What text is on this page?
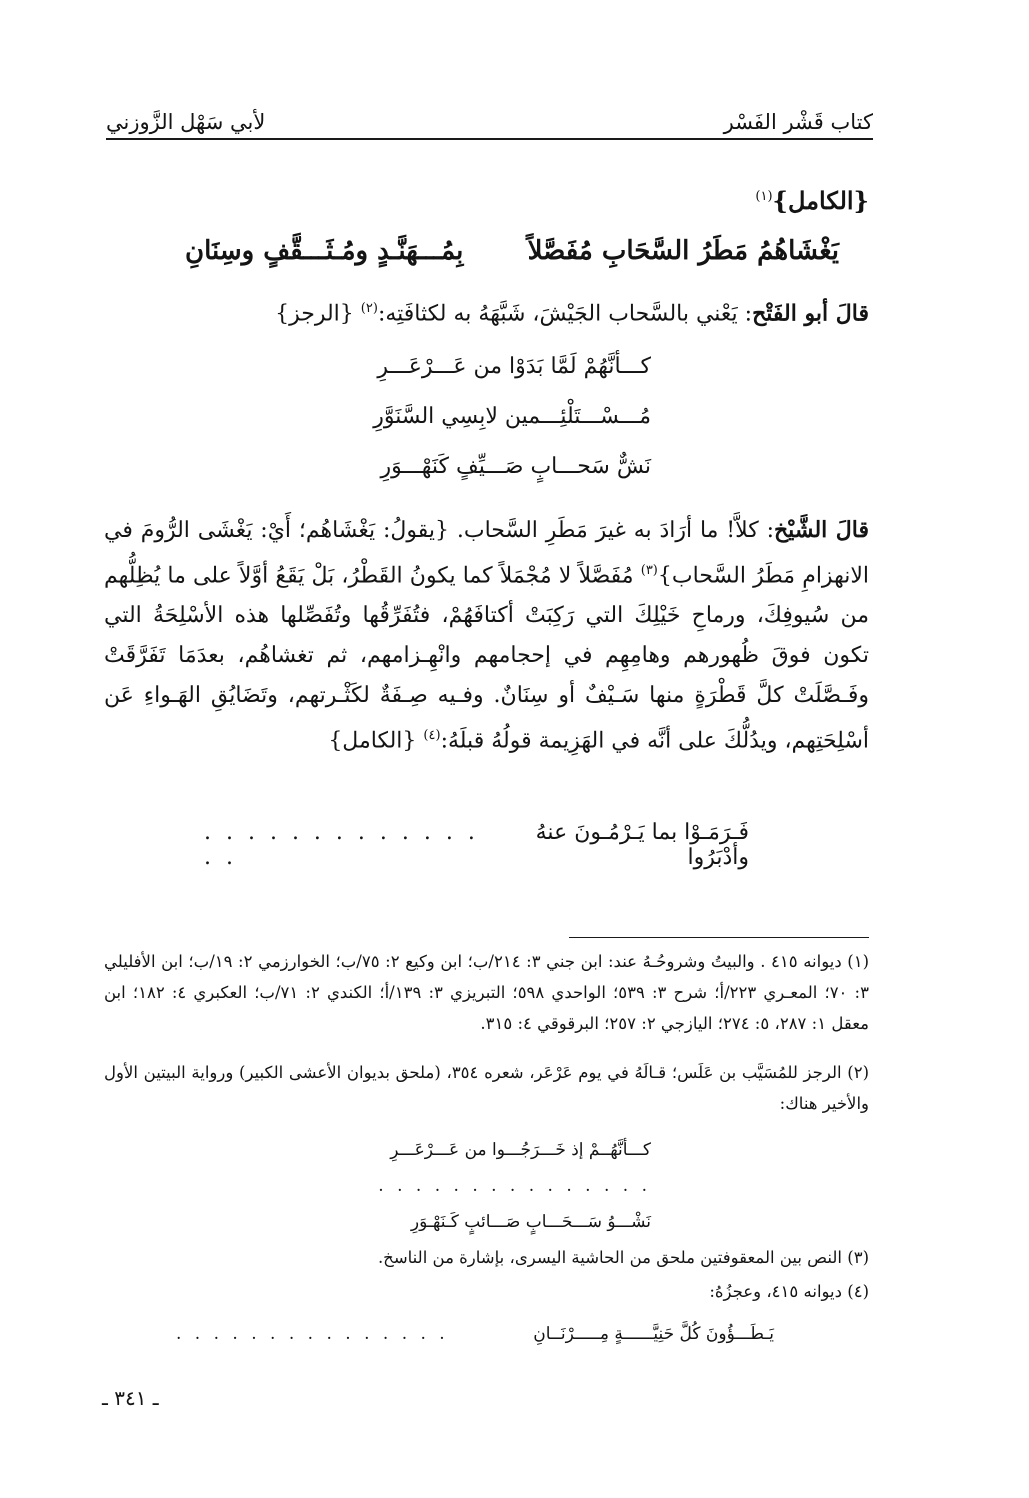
كتاب قَشْر الفَسْر
لأبي سَهْل الزَّوزني
{الكامل}$^{(١)}$
يَغْشَاهُمُ مَطَرُ السَّحَابِ مُفَصَّلاً
بِمُـــهَنَّـدٍ ومُـثَـــقَّفٍ وسِنَانِ
قالَ أبو الفَتْح: يَعْني بالسَّحاب الجَيْشَ، شَبَّهَهُ به لكثافَتِه:$^{(٢)}$ {الرجز}
كـــأنَّهُمْ لَمَّا بَدَوْا من عَـــرْعَـــرِ
مُـــسْـــتَلْئِـــمين لابِسِي السَّنَوَّرِ
نَشٌّ سَحـــابٍ صَـــيِّفٍ كَنَهْـــوَرِ
قالَ الشَّيْخ: كلاَّ! ما أرَادَ به غيرَ مَطَرِ السَّحاب. {يقولُ: يَغْشَاهُم؛ أَيْ: يَغْشَى الرُّومَ في الانهزامِ مَطَرُ السَّحاب}$^{(٣)}$ مُفَصَّلاً لا مُجْمَلاً كما يكونُ القَطْرُ، بَلْ يَقَعُ أوَّلاً على ما يُظِلُّهم من سُيوفِكَ، ورماحِ خَيْلِكَ التي رَكِبَتْ أكتافَهُمْ، فتُفَرِّقُها وتُفَصِّلها هذه الأسْلِحَةُ التي تكون فوقَ ظُهورهم وهامِهِم في إحجامهم وانْهِـزامهم، ثم تغشاهُم، بعدَمَا تَفَرَّقَتْ وفَـصَّلَتْ كلَّ قَطْرَةٍ منها سَـيْفٌ أو سِنَانٌ. وفـيه صِـفَةٌ لكَثْـرتهم، وتَضَايُقِ الهَـواءِ عَن أسْلِحَتِهم، ويدُلُّكَ على أنَّه في الهَزِيمة قولُهُ قبلَهُ:$^{(٤)}$ {الكامل}
فَـرَمَـوْا بما يَـرْمُـونَ عنهُ وأدْبَرُوا
. . . . . . . . . . . . . . .
(١) ديوانه ٤١٥ . والبيتُ وشروحُـهُ عند: ابن جني ٣: ٢١٤/ب؛ ابن وكيع ٢: ٧٥/ب؛ الخوارزمي ٢: ١٩/ب؛ ابن الأفليلي ٣: ٧٠؛ المعـري ٢٢٣/أ؛ شرح ٣: ٥٣٩؛ الواحدي ٥٩٨؛ التبريزي ٣: ١٣٩/أ؛ الكندي ٢: ٧١/ب؛ العكبري ٤: ١٨٢؛ ابن معقل ١: ٢٨٧، ٥: ٢٧٤؛ اليازجي ٢: ٢٥٧؛ البرقوقي ٤: ٣١٥.
(٢) الرجز للمُسَيَّب بن عَلَس؛ قـالَهُ في يوم عَرْعَر، شعره ٣٥٤، (ملحق بديوان الأعشى الكبير) ورواية البيتين الأول والأخير هناك:
كـــأنَّهُــمْ إذ خَـــرَجُـــوا من عَـــرْعَـــرِ
. . . . . . . . . . . . . . .
نَشْـــوُ سَـــحَـــابٍ صَـــائبٍ كَـنَهْـوَرِ
(٣) النص بين المعقوفتين ملحق من الحاشية اليسرى، بإشارة من الناسخ.
(٤) ديوانه ٤١٥، وعجزُهُ:
يَـطَـــؤُونَ كُلَّ حَنِيَّــــــةٍ مِـــــرْنَــانِ
. . . . . . . . . . . . . . .
ـ ٣٤١ ـ
